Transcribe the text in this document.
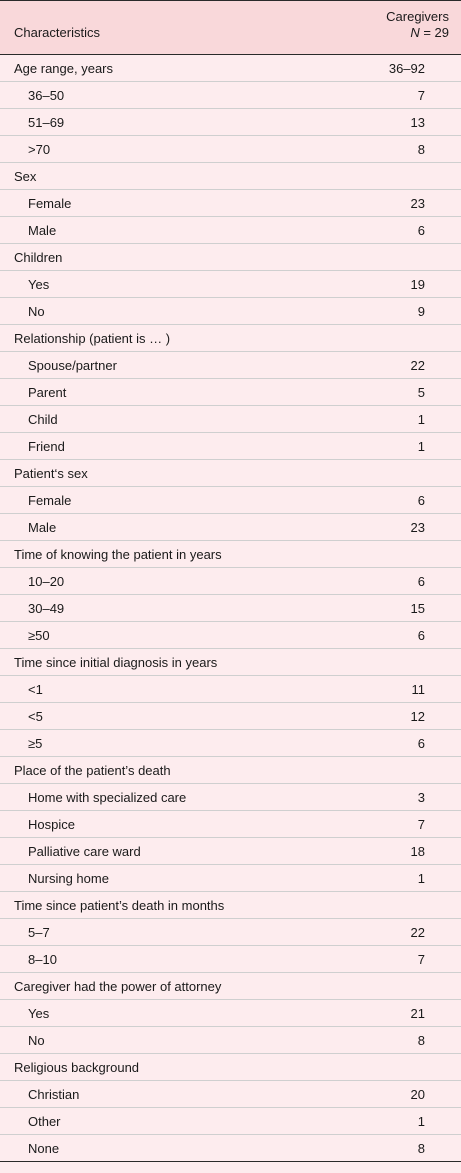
Characteristics
Caregivers
N = 29
Age range, years	36–92
36–50	7
51–69	13
>70	8
Sex
Female	23
Male	6
Children
Yes	19
No	9
Relationship (patient is … )
Spouse/partner	22
Parent	5
Child	1
Friend	1
Patient‘s sex
Female	6
Male	23
Time of knowing the patient in years
10–20	6
30–49	15
≥50	6
Time since initial diagnosis in years
<1	11
<5	12
≥5	6
Place of the patient’s death
Home with specialized care	3
Hospice	7
Palliative care ward	18
Nursing home	1
Time since patient’s death in months
5–7	22
8–10	7
Caregiver had the power of attorney
Yes	21
No	8
Religious background
Christian	20
Other	1
None	8
